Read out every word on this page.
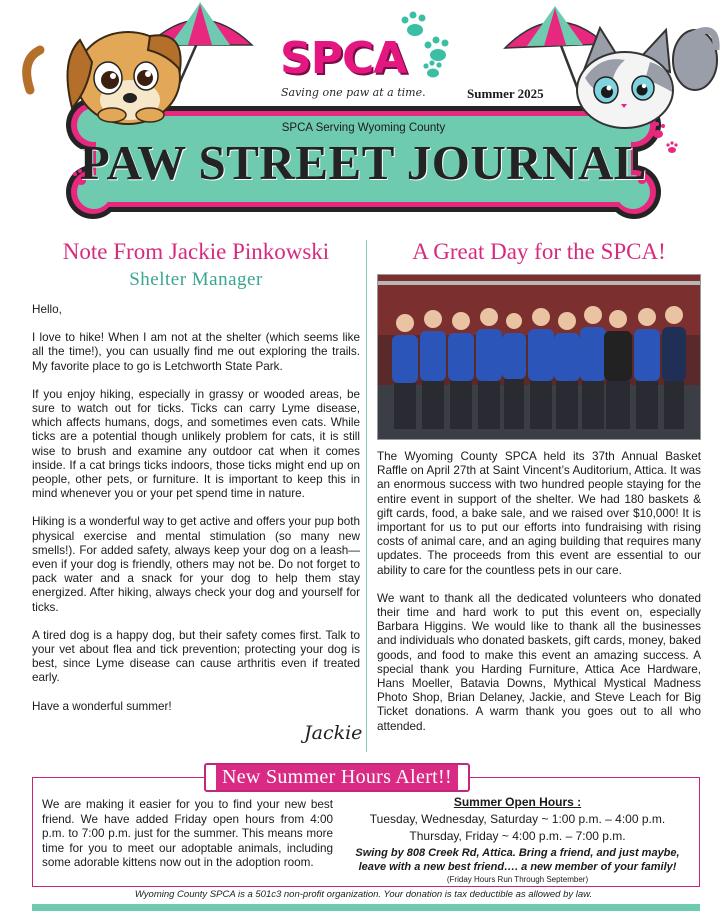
SPCA
Saving one paw at a time.	Summer 2025
SPCA Serving Wyoming County
PAW STREET JOURNAL
Note From Jackie Pinkowski
Shelter Manager

Hello,

I love to hike! When I am not at the shelter (which seems like all the time!), you can usually find me out exploring the trails. My favorite place to go is Letchworth State Park.

If you enjoy hiking, especially in grassy or wooded areas, be sure to watch out for ticks. Ticks can carry Lyme disease, which affects humans, dogs, and sometimes even cats. While ticks are a potential though unlikely problem for cats, it is still wise to brush and examine any outdoor cat when it comes inside. If a cat brings ticks indoors, those ticks might end up on people, other pets, or furniture. It is important to keep this in mind whenever you or your pet spend time in nature.

Hiking is a wonderful way to get active and offers your pup both physical exercise and mental stimulation (so many new smells!). For added safety, always keep your dog on a leash—even if your dog is friendly, others may not be. Do not forget to pack water and a snack for your dog to help them stay energized. After hiking, always check your dog and yourself for ticks.

A tired dog is a happy dog, but their safety comes first. Talk to your vet about flea and tick prevention; protecting your dog is best, since Lyme disease can cause arthritis even if treated early.

Have a wonderful summer!

Jackie
A Great Day for the SPCA!

The Wyoming County SPCA held its 37th Annual Basket Raffle on April 27th at Saint Vincent’s Auditorium, Attica. It was an enormous success with two hundred people staying for the entire event in support of the shelter. We had 180 baskets & gift cards, food, a bake sale, and we raised over $10,000! It is important for us to put our efforts into fundraising with rising costs of animal care, and an aging building that requires many updates. The proceeds from this event are essential to our ability to care for the countless pets in our care.

We want to thank all the dedicated volunteers who donated their time and hard work to put this event on, especially Barbara Higgins. We would like to thank all the businesses and individuals who donated baskets, gift cards, money, baked goods, and food to make this event an amazing success. A special thank you Harding Furniture, Attica Ace Hardware, Hans Moeller, Batavia Downs, Mythical Mystical Madness Photo Shop, Brian Delaney, Jackie, and Steve Leach for Big Ticket donations. A warm thank you goes out to all who attended.

New Summer Hours Alert!!
We are making it easier for you to find your new best friend. We have added Friday open hours from 4:00 p.m. to 7:00 p.m. just for the summer. This means more time for you to meet our adoptable animals, including some adorable kittens now out in the adoption room.
Summer Open Hours :
Tuesday, Wednesday, Saturday ~ 1:00 p.m. – 4:00 p.m.
Thursday, Friday ~ 4:00 p.m. – 7:00 p.m.
Swing by 808 Creek Rd, Attica. Bring a friend, and just maybe, leave with a new best friend…. a new member of your family!
(Friday Hours Run Through September)
Wyoming County SPCA is a 501c3 non-profit organization. Your donation is tax deductible as allowed by law.
